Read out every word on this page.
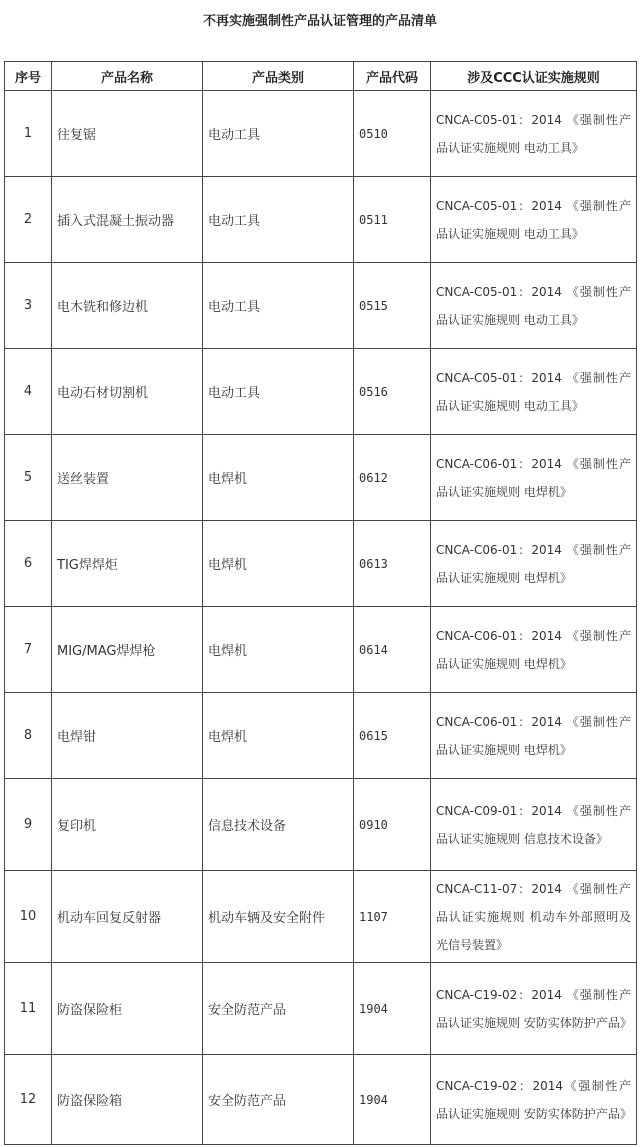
不再实施强制性产品认证管理的产品清单
序号	产品名称	产品类别	产品代码	涉及CCC认证实施规则
1	往复锯	电动工具	0510	CNCA-C05-01：2014 《强制性产品认证实施规则 电动工具》
2	插入式混凝土振动器	电动工具	0511	CNCA-C05-01：2014 《强制性产品认证实施规则 电动工具》
3	电木铣和修边机	电动工具	0515	CNCA-C05-01：2014 《强制性产品认证实施规则 电动工具》
4	电动石材切割机	电动工具	0516	CNCA-C05-01：2014 《强制性产品认证实施规则 电动工具》
5	送丝装置	电焊机	0612	CNCA-C06-01：2014 《强制性产品认证实施规则 电焊机》
6	TIG焊焊炬	电焊机	0613	CNCA-C06-01：2014 《强制性产品认证实施规则 电焊机》
7	MIG/MAG焊焊枪	电焊机	0614	CNCA-C06-01：2014 《强制性产品认证实施规则 电焊机》
8	电焊钳	电焊机	0615	CNCA-C06-01：2014 《强制性产品认证实施规则 电焊机》
9	复印机	信息技术设备	0910	CNCA-C09-01：2014 《强制性产品认证实施规则 信息技术设备》
10	机动车回复反射器	机动车辆及安全附件	1107	CNCA-C11-07：2014 《强制性产品认证实施规则 机动车外部照明及光信号装置》
11	防盗保险柜	安全防范产品	1904	CNCA-C19-02：2014 《强制性产品认证实施规则 安防实体防护产品》
12	防盗保险箱	安全防范产品	1904	CNCA-C19-02：2014《强制性产品认证实施规则 安防实体防护产品》
